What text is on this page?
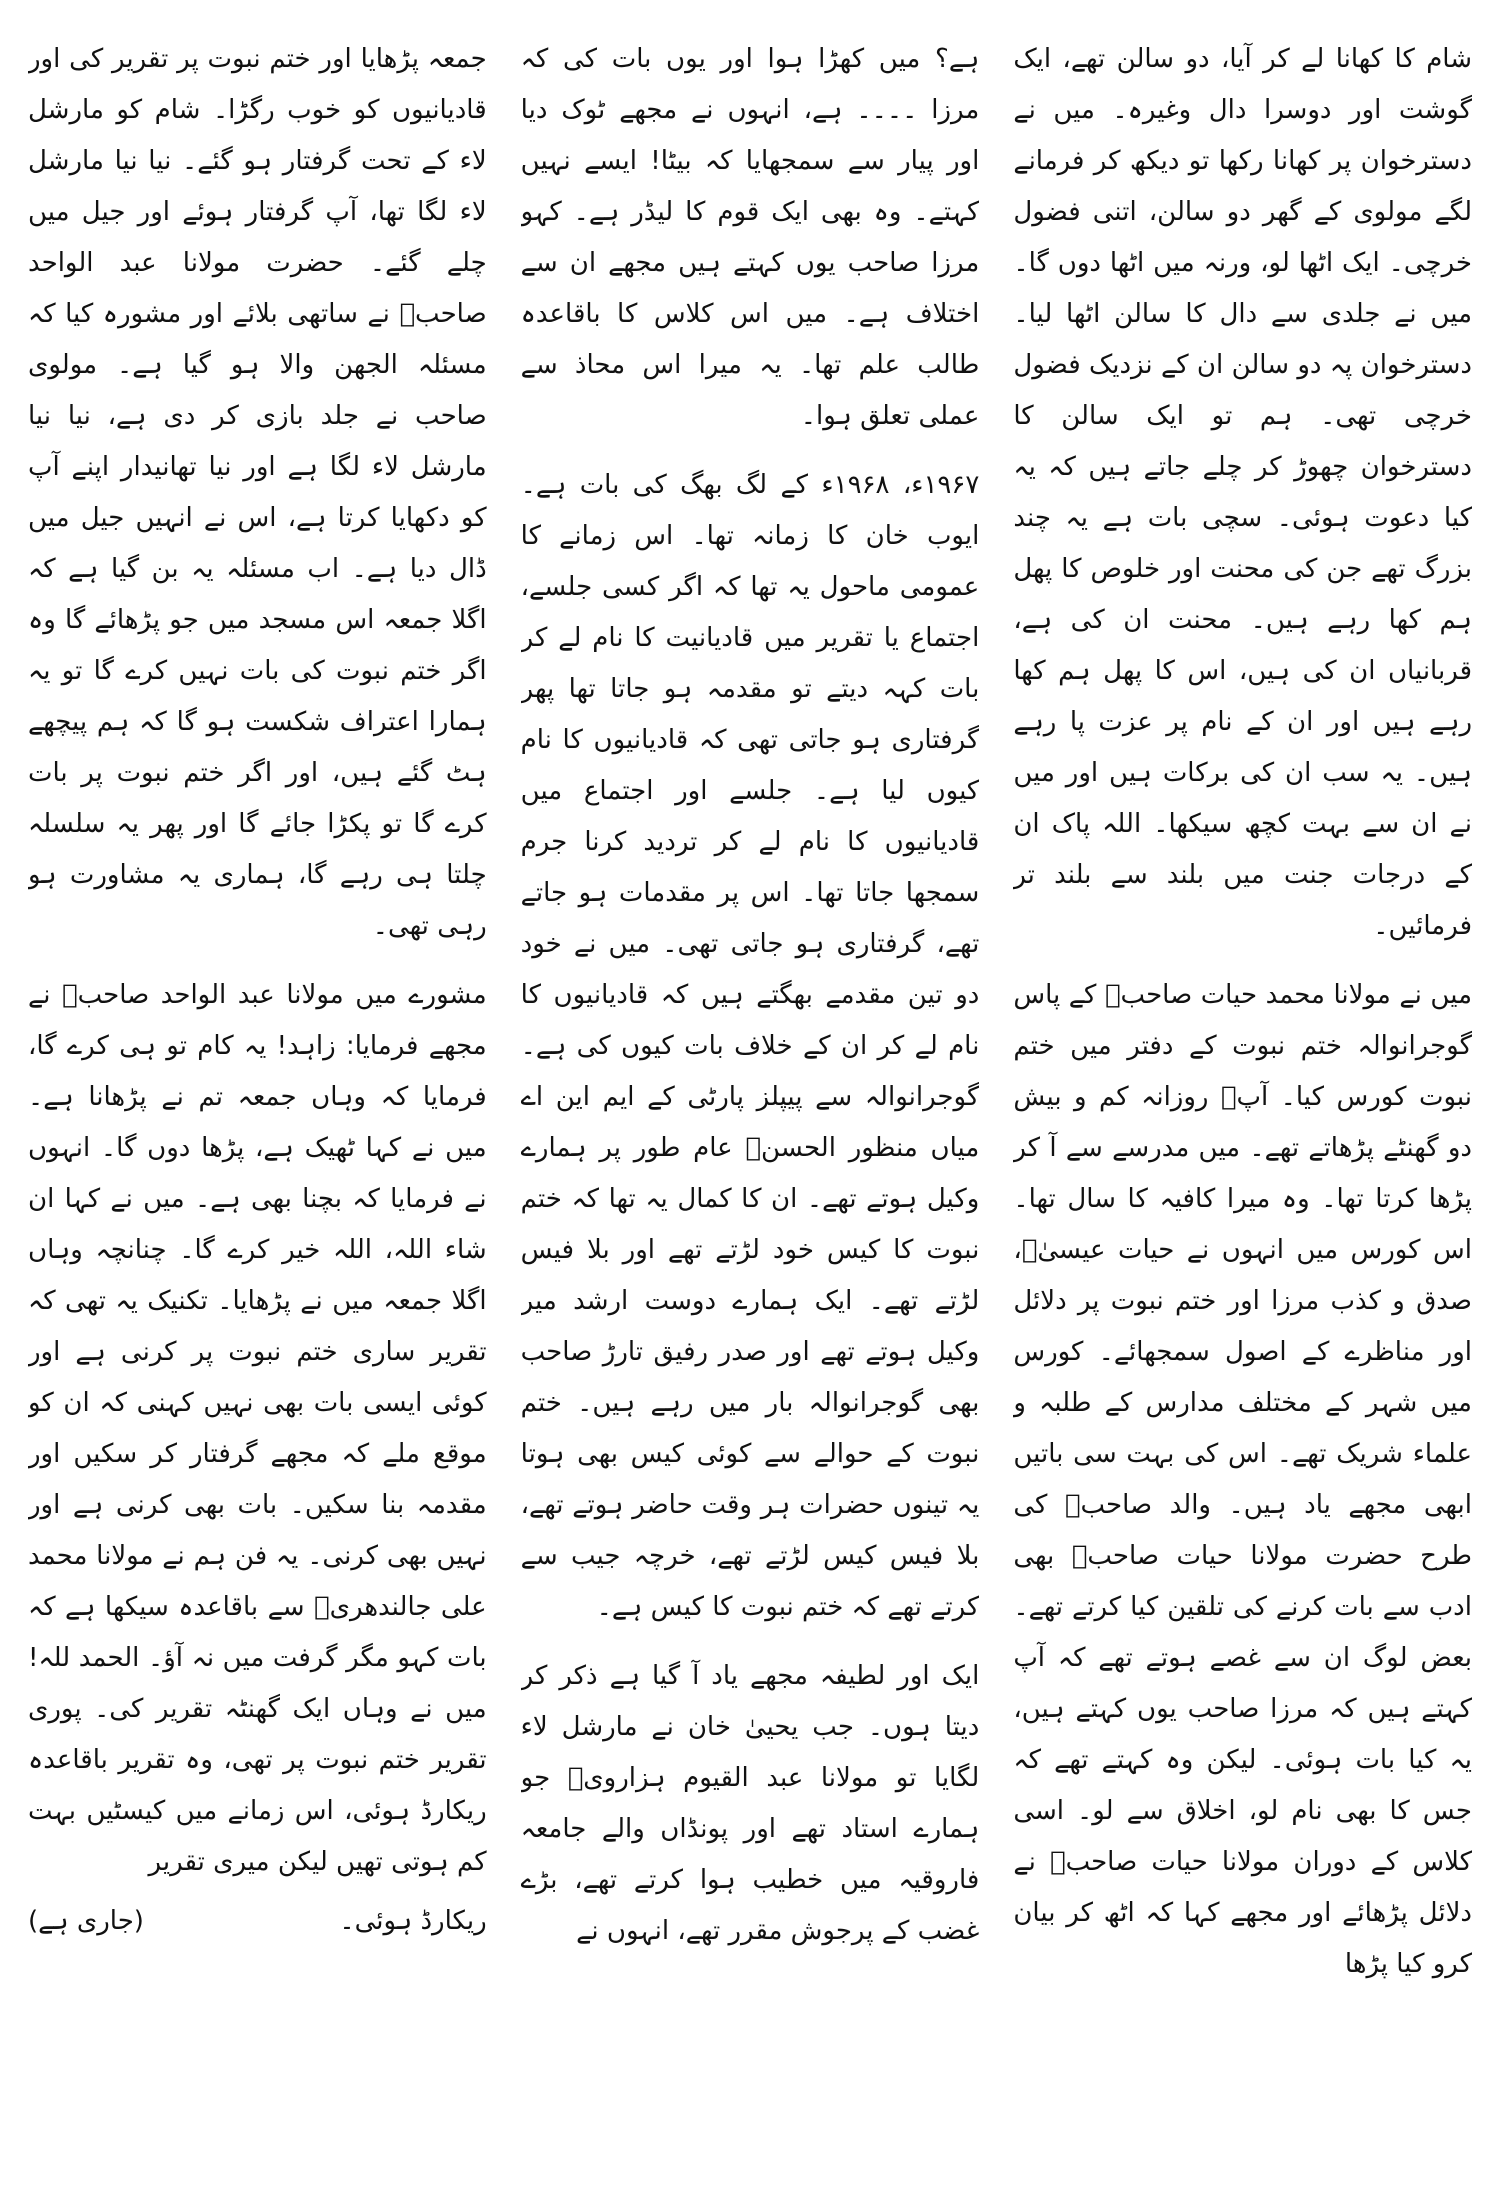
شام کا کھانا لے کر آیا، دو سالن تھے، ایک گوشت اور دوسرا دال وغیرہ۔ میں نے دسترخوان پر کھانا رکھا تو دیکھ کر فرمانے لگے مولوی کے گھر دو سالن، اتنی فضول خرچی۔ ایک اٹھا لو، ورنہ میں اٹھا دوں گا۔ میں نے جلدی سے دال کا سالن اٹھا لیا۔ دسترخوان پہ دو سالن ان کے نزدیک فضول خرچی تھی۔ ہم تو ایک سالن کا دسترخوان چھوڑ کر چلے جاتے ہیں کہ یہ کیا دعوت ہوئی۔ سچی بات ہے یہ چند بزرگ تھے جن کی محنت اور خلوص کا پھل ہم کھا رہے ہیں۔ محنت ان کی ہے، قربانیاں ان کی ہیں، اس کا پھل ہم کھا رہے ہیں اور ان کے نام پر عزت پا رہے ہیں۔ یہ سب ان کی برکات ہیں اور میں نے ان سے بہت کچھ سیکھا۔ اللہ پاک ان کے درجات جنت میں بلند سے بلند تر فرمائیں۔

میں نے مولانا محمد حیات صاحبؒ کے پاس گوجرانوالہ ختم نبوت کے دفتر میں ختم نبوت کورس کیا۔ آپؒ روزانہ کم و بیش دو گھنٹے پڑھاتے تھے۔ میں مدرسے سے آ کر پڑھا کرتا تھا۔ وہ میرا کافیہ کا سال تھا۔ اس کورس میں انہوں نے حیات عیسیٰؑ، صدق و کذب مرزا اور ختم نبوت پر دلائل اور مناظرے کے اصول سمجھائے۔ کورس میں شہر کے مختلف مدارس کے طلبہ و علماء شریک تھے۔ اس کی بہت سی باتیں ابھی مجھے یاد ہیں۔ والد صاحبؒ کی طرح حضرت مولانا حیات صاحبؒ بھی ادب سے بات کرنے کی تلقین کیا کرتے تھے۔ بعض لوگ ان سے غصے ہوتے تھے کہ آپ کہتے ہیں کہ مرزا صاحب یوں کہتے ہیں، یہ کیا بات ہوئی۔ لیکن وہ کہتے تھے کہ جس کا بھی نام لو، اخلاق سے لو۔ اسی کلاس کے دوران مولانا حیات صاحبؒ نے دلائل پڑھائے اور مجھے کہا کہ اٹھ کر بیان کرو کیا پڑھا

ہے؟ میں کھڑا ہوا اور یوں بات کی کہ مرزا ۔۔۔۔ ہے، انہوں نے مجھے ٹوک دیا اور پیار سے سمجھایا کہ بیٹا! ایسے نہیں کہتے۔ وہ بھی ایک قوم کا لیڈر ہے۔ کہو مرزا صاحب یوں کہتے ہیں مجھے ان سے اختلاف ہے۔ میں اس کلاس کا باقاعدہ طالب علم تھا۔ یہ میرا اس محاذ سے عملی تعلق ہوا۔

۱۹۶۷ء، ۱۹۶۸ء کے لگ بھگ کی بات ہے۔ ایوب خان کا زمانہ تھا۔ اس زمانے کا عمومی ماحول یہ تھا کہ اگر کسی جلسے، اجتماع یا تقریر میں قادیانیت کا نام لے کر بات کہہ دیتے تو مقدمہ ہو جاتا تھا پھر گرفتاری ہو جاتی تھی کہ قادیانیوں کا نام کیوں لیا ہے۔ جلسے اور اجتماع میں قادیانیوں کا نام لے کر تردید کرنا جرم سمجھا جاتا تھا۔ اس پر مقدمات ہو جاتے تھے، گرفتاری ہو جاتی تھی۔ میں نے خود دو تین مقدمے بھگتے ہیں کہ قادیانیوں کا نام لے کر ان کے خلاف بات کیوں کی ہے۔ گوجرانوالہ سے پیپلز پارٹی کے ایم این اے میاں منظور الحسنؒ عام طور پر ہمارے وکیل ہوتے تھے۔ ان کا کمال یہ تھا کہ ختم نبوت کا کیس خود لڑتے تھے اور بلا فیس لڑتے تھے۔ ایک ہمارے دوست ارشد میر وکیل ہوتے تھے اور صدر رفیق تارڑ صاحب بھی گوجرانوالہ بار میں رہے ہیں۔ ختم نبوت کے حوالے سے کوئی کیس بھی ہوتا یہ تینوں حضرات ہر وقت حاضر ہوتے تھے، بلا فیس کیس لڑتے تھے، خرچہ جیب سے کرتے تھے کہ ختم نبوت کا کیس ہے۔

ایک اور لطیفہ مجھے یاد آ گیا ہے ذکر کر دیتا ہوں۔ جب یحییٰ خان نے مارشل لاء لگایا تو مولانا عبد القیوم ہزارویؒ جو ہمارے استاد تھے اور پونڈاں والے جامعہ فاروقیہ میں خطیب ہوا کرتے تھے، بڑے غضب کے پرجوش مقرر تھے، انہوں نے

جمعہ پڑھایا اور ختم نبوت پر تقریر کی اور قادیانیوں کو خوب رگڑا۔ شام کو مارشل لاء کے تحت گرفتار ہو گئے۔ نیا نیا مارشل لاء لگا تھا، آپ گرفتار ہوئے اور جیل میں چلے گئے۔ حضرت مولانا عبد الواحد صاحبؒ نے ساتھی بلائے اور مشورہ کیا کہ مسئلہ الجھن والا ہو گیا ہے۔ مولوی صاحب نے جلد بازی کر دی ہے، نیا نیا مارشل لاء لگا ہے اور نیا تھانیدار اپنے آپ کو دکھایا کرتا ہے، اس نے انہیں جیل میں ڈال دیا ہے۔ اب مسئلہ یہ بن گیا ہے کہ اگلا جمعہ اس مسجد میں جو پڑھائے گا وہ اگر ختم نبوت کی بات نہیں کرے گا تو یہ ہمارا اعتراف شکست ہو گا کہ ہم پیچھے ہٹ گئے ہیں، اور اگر ختم نبوت پر بات کرے گا تو پکڑا جائے گا اور پھر یہ سلسلہ چلتا ہی رہے گا، ہماری یہ مشاورت ہو رہی تھی۔

مشورے میں مولانا عبد الواحد صاحبؒ نے مجھے فرمایا: زاہد! یہ کام تو ہی کرے گا، فرمایا کہ وہاں جمعہ تم نے پڑھانا ہے۔ میں نے کہا ٹھیک ہے، پڑھا دوں گا۔ انہوں نے فرمایا کہ بچنا بھی ہے۔ میں نے کہا ان شاء اللہ، اللہ خیر کرے گا۔ چنانچہ وہاں اگلا جمعہ میں نے پڑھایا۔ تکنیک یہ تھی کہ تقریر ساری ختم نبوت پر کرنی ہے اور کوئی ایسی بات بھی نہیں کہنی کہ ان کو موقع ملے کہ مجھے گرفتار کر سکیں اور مقدمہ بنا سکیں۔ بات بھی کرنی ہے اور نہیں بھی کرنی۔ یہ فن ہم نے مولانا محمد علی جالندھریؒ سے باقاعدہ سیکھا ہے کہ بات کہو مگر گرفت میں نہ آؤ۔ الحمد للہ! میں نے وہاں ایک گھنٹہ تقریر کی۔ پوری تقریر ختم نبوت پر تھی، وہ تقریر باقاعدہ ریکارڈ ہوئی، اس زمانے میں کیسٹیں بہت کم ہوتی تھیں لیکن میری تقریر

ریکارڈ ہوئی۔
(جاری ہے)
